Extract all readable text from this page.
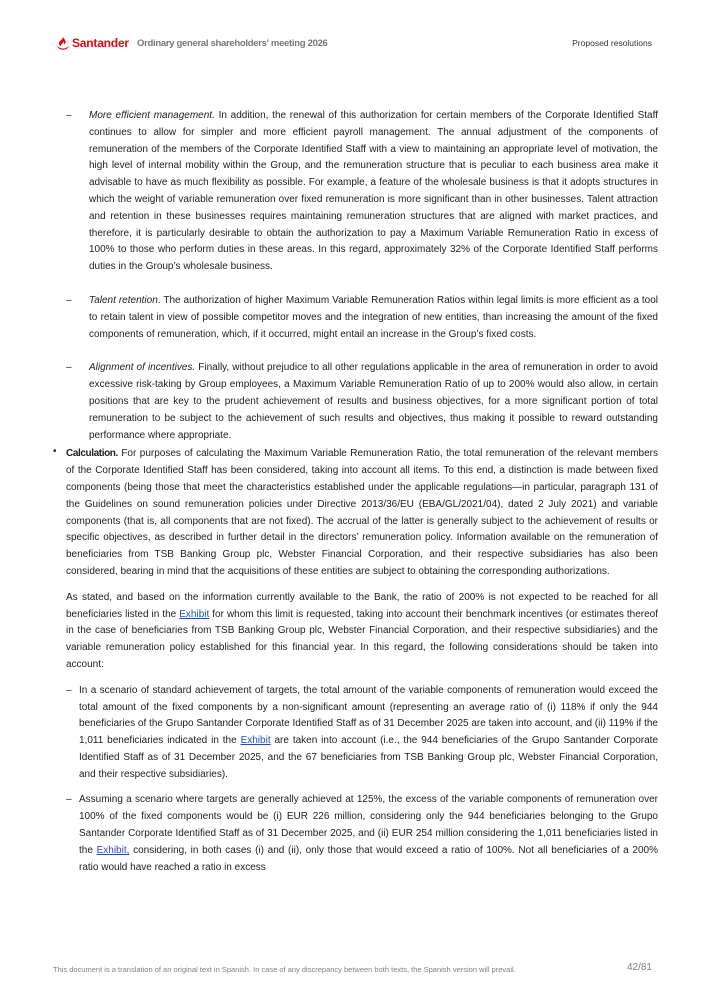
Santander Ordinary general shareholders' meeting 2026	Proposed resolutions
– More efficient management. In addition, the renewal of this authorization for certain members of the Corporate Identified Staff continues to allow for simpler and more efficient payroll management. The annual adjustment of the components of remuneration of the members of the Corporate Identified Staff with a view to maintaining an appropriate level of motivation, the high level of internal mobility within the Group, and the remuneration structure that is peculiar to each business area make it advisable to have as much flexibility as possible. For example, a feature of the wholesale business is that it adopts structures in which the weight of variable remuneration over fixed remuneration is more significant than in other businesses. Talent attraction and retention in these businesses requires maintaining remuneration structures that are aligned with market practices, and therefore, it is particularly desirable to obtain the authorization to pay a Maximum Variable Remuneration Ratio in excess of 100% to those who perform duties in these areas. In this regard, approximately 32% of the Corporate Identified Staff performs duties in the Group’s wholesale business.

– Talent retention. The authorization of higher Maximum Variable Remuneration Ratios within legal limits is more efficient as a tool to retain talent in view of possible competitor moves and the integration of new entities, than increasing the amount of the fixed components of remuneration, which, if it occurred, might entail an increase in the Group’s fixed costs.

– Alignment of incentives. Finally, without prejudice to all other regulations applicable in the area of remuneration in order to avoid excessive risk-taking by Group employees, a Maximum Variable Remuneration Ratio of up to 200% would also allow, in certain positions that are key to the prudent achievement of results and business objectives, for a more significant portion of total remuneration to be subject to the achievement of such results and objectives, thus making it possible to reward outstanding performance where appropriate.

• Calculation. For purposes of calculating the Maximum Variable Remuneration Ratio, the total remuneration of the relevant members of the Corporate Identified Staff has been considered, taking into account all items. To this end, a distinction is made between fixed components (being those that meet the characteristics established under the applicable regulations—in particular, paragraph 131 of the Guidelines on sound remuneration policies under Directive 2013/36/EU (EBA/GL/2021/04), dated 2 July 2021) and variable components (that is, all components that are not fixed). The accrual of the latter is generally subject to the achievement of results or specific objectives, as described in further detail in the directors’ remuneration policy. Information available on the remuneration of beneficiaries from TSB Banking Group plc, Webster Financial Corporation, and their respective subsidiaries has also been considered, bearing in mind that the acquisitions of these entities are subject to obtaining the corresponding authorizations.

As stated, and based on the information currently available to the Bank, the ratio of 200% is not expected to be reached for all beneficiaries listed in the Exhibit for whom this limit is requested, taking into account their benchmark incentives (or estimates thereof in the case of beneficiaries from TSB Banking Group plc, Webster Financial Corporation, and their respective subsidiaries) and the variable remuneration policy established for this financial year. In this regard, the following considerations should be taken into account:

– In a scenario of standard achievement of targets, the total amount of the variable components of remuneration would exceed the total amount of the fixed components by a non-significant amount (representing an average ratio of (i) 118% if only the 944 beneficiaries of the Grupo Santander Corporate Identified Staff as of 31 December 2025 are taken into account, and (ii) 119% if the 1,011 beneficiaries indicated in the Exhibit are taken into account (i.e., the 944 beneficiaries of the Grupo Santander Corporate Identified Staff as of 31 December 2025, and the 67 beneficiaries from TSB Banking Group plc, Webster Financial Corporation, and their respective subsidiaries).

– Assuming a scenario where targets are generally achieved at 125%, the excess of the variable components of remuneration over 100% of the fixed components would be (i) EUR 226 million, considering only the 944 beneficiaries belonging to the Grupo Santander Corporate Identified Staff as of 31 December 2025, and (ii) EUR 254 million considering the 1,011 beneficiaries listed in the Exhibit, considering, in both cases (i) and (ii), only those that would exceed a ratio of 100%. Not all beneficiaries of a 200% ratio would have reached a ratio in excess

This document is a translation of an original text in Spanish. In case of any discrepancy between both texts, the Spanish version will prevail.	42/81
